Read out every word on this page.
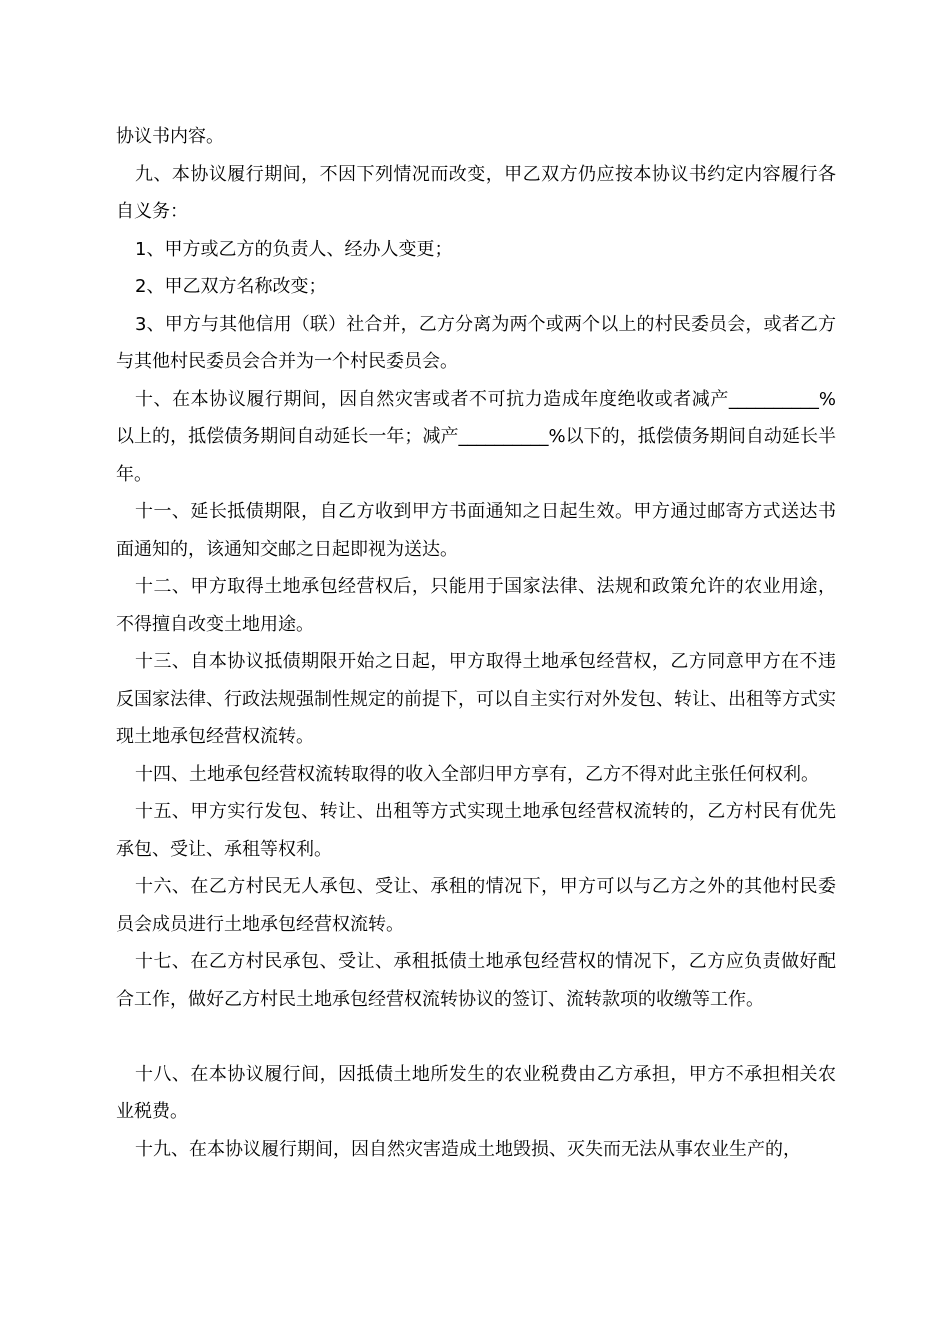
协议书内容。

九、本协议履行期间，不因下列情况而改变，甲乙双方仍应按本协议书约定内容履行各自义务：

1、甲方或乙方的负责人、经办人变更；

2、甲乙双方名称改变；

3、甲方与其他信用（联）社合并，乙方分离为两个或两个以上的村民委员会，或者乙方与其他村民委员会合并为一个村民委员会。

十、在本协议履行期间，因自然灾害或者不可抗力造成年度绝收或者减产__________%以上的，抵偿债务期间自动延长一年；减产__________%以下的，抵偿债务期间自动延长半年。

十一、延长抵债期限，自乙方收到甲方书面通知之日起生效。甲方通过邮寄方式送达书面通知的，该通知交邮之日起即视为送达。

十二、甲方取得土地承包经营权后，只能用于国家法律、法规和政策允许的农业用途，不得擅自改变土地用途。

十三、自本协议抵债期限开始之日起，甲方取得土地承包经营权，乙方同意甲方在不违反国家法律、行政法规强制性规定的前提下，可以自主实行对外发包、转让、出租等方式实现土地承包经营权流转。

十四、土地承包经营权流转取得的收入全部归甲方享有，乙方不得对此主张任何权利。

十五、甲方实行发包、转让、出租等方式实现土地承包经营权流转的，乙方村民有优先承包、受让、承租等权利。

十六、在乙方村民无人承包、受让、承租的情况下，甲方可以与乙方之外的其他村民委员会成员进行土地承包经营权流转。

十七、在乙方村民承包、受让、承租抵债土地承包经营权的情况下，乙方应负责做好配合工作，做好乙方村民土地承包经营权流转协议的签订、流转款项的收缴等工作。

十八、在本协议履行间，因抵债土地所发生的农业税费由乙方承担，甲方不承担相关农业税费。

十九、在本协议履行期间，因自然灾害造成土地毁损、灭失而无法从事农业生产的，
